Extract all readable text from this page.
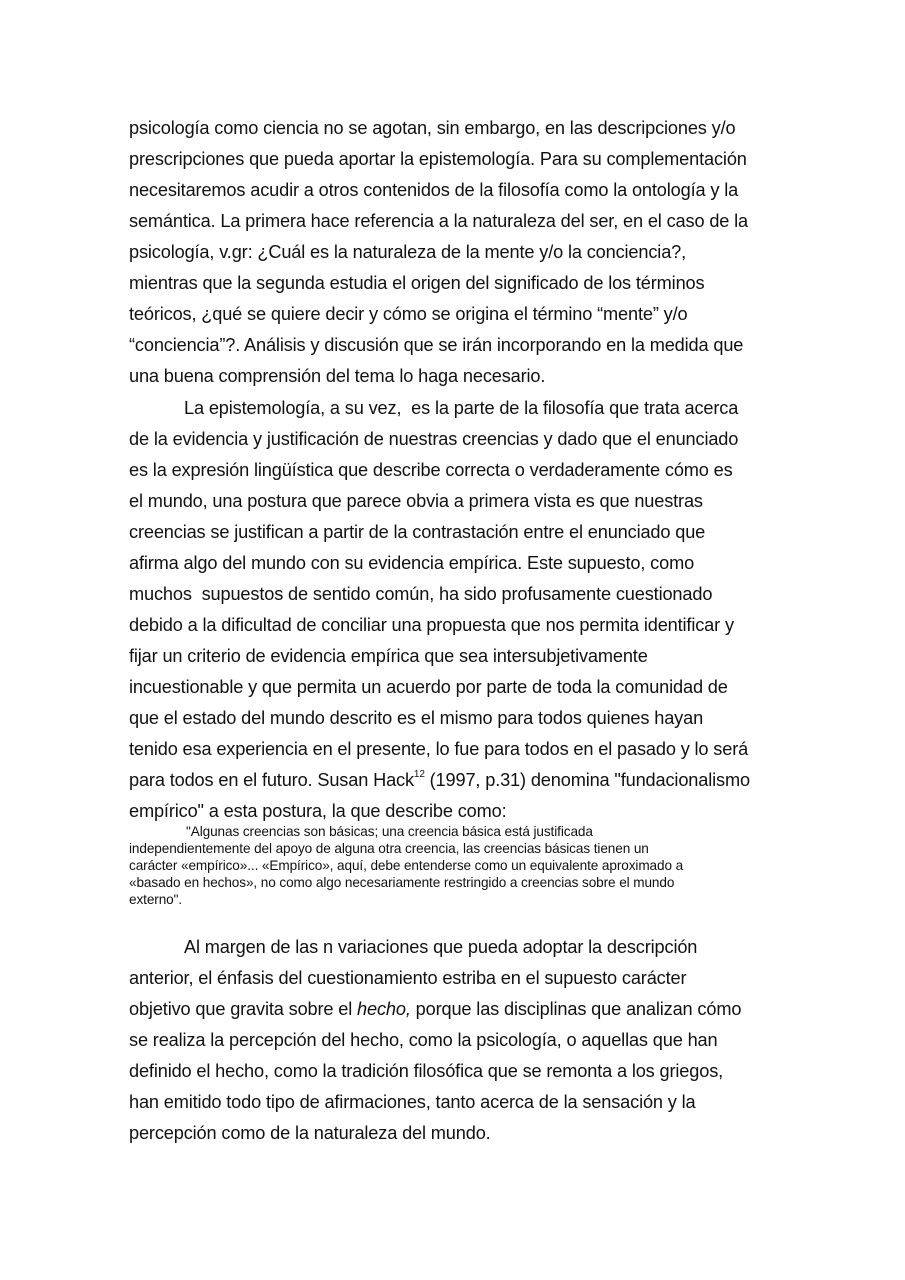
psicología como ciencia no se agotan, sin embargo, en las descripciones y/o
prescripciones que pueda aportar la epistemología. Para su complementación
necesitaremos acudir a otros contenidos de la filosofía como la ontología y la
semántica. La primera hace referencia a la naturaleza del ser, en el caso de la
psicología, v.gr: ¿Cuál es la naturaleza de la mente y/o la conciencia?,
mientras que la segunda estudia el origen del significado de los términos
teóricos, ¿qué se quiere decir y cómo se origina el término “mente” y/o
“conciencia”?. Análisis y discusión que se irán incorporando en la medida que
una buena comprensión del tema lo haga necesario.
La epistemología, a su vez,  es la parte de la filosofía que trata acerca
de la evidencia y justificación de nuestras creencias y dado que el enunciado
es la expresión lingüística que describe correcta o verdaderamente cómo es
el mundo, una postura que parece obvia a primera vista es que nuestras
creencias se justifican a partir de la contrastación entre el enunciado que
afirma algo del mundo con su evidencia empírica. Este supuesto, como
muchos  supuestos de sentido común, ha sido profusamente cuestionado
debido a la dificultad de conciliar una propuesta que nos permita identificar y
fijar un criterio de evidencia empírica que sea intersubjetivamente
incuestionable y que permita un acuerdo por parte de toda la comunidad de
que el estado del mundo descrito es el mismo para todos quienes hayan
tenido esa experiencia en el presente, lo fue para todos en el pasado y lo será
para todos en el futuro. Susan Hack$^{12}$ (1997, p.31) denomina "fundacionalismo
empírico" a esta postura, la que describe como:
"Algunas creencias son básicas; una creencia básica está justificada
independientemente del apoyo de alguna otra creencia, las creencias básicas tienen un
carácter «empírico»... «Empírico», aquí, debe entenderse como un equivalente aproximado a
«basado en hechos», no como algo necesariamente restringido a creencias sobre el mundo
externo".
Al margen de las n variaciones que pueda adoptar la descripción
anterior, el énfasis del cuestionamiento estriba en el supuesto carácter
objetivo que gravita sobre el hecho, porque las disciplinas que analizan cómo
se realiza la percepción del hecho, como la psicología, o aquellas que han
definido el hecho, como la tradición filosófica que se remonta a los griegos,
han emitido todo tipo de afirmaciones, tanto acerca de la sensación y la
percepción como de la naturaleza del mundo.
